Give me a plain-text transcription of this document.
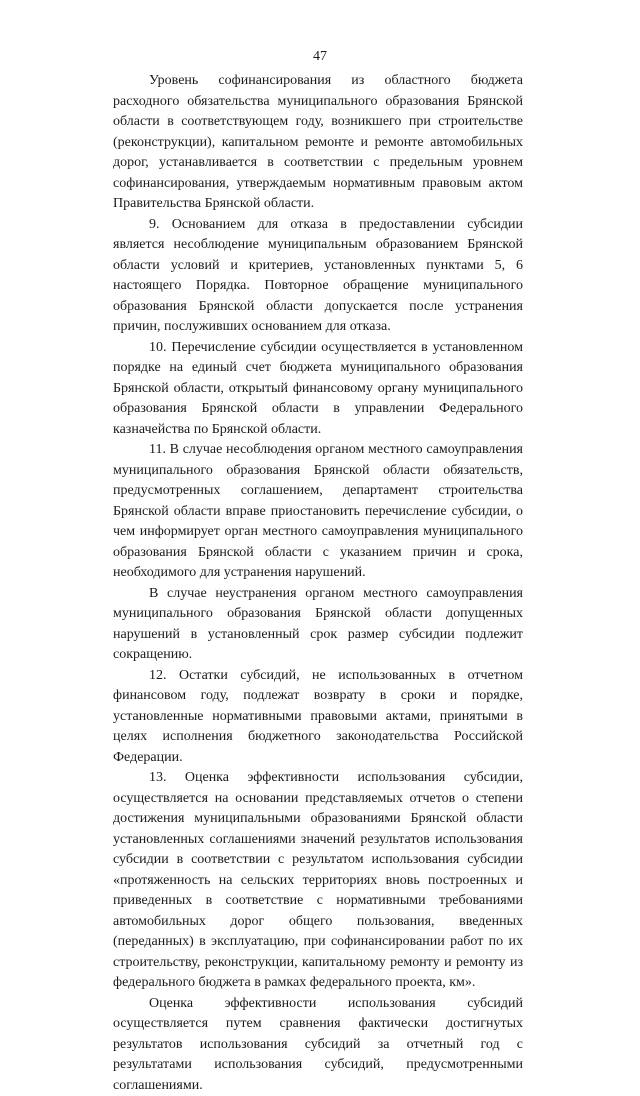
47

Уровень софинансирования из областного бюджета расходного обязательства муниципального образования Брянской области в соответствующем году, возникшего при строительстве (реконструкции), капитальном ремонте и ремонте автомобильных дорог, устанавливается в соответствии с предельным уровнем софинансирования, утверждаемым нормативным правовым актом Правительства Брянской области.

9. Основанием для отказа в предоставлении субсидии является несоблюдение муниципальным образованием Брянской области условий и критериев, установленных пунктами 5, 6 настоящего Порядка. Повторное обращение муниципального образования Брянской области допускается после устранения причин, послуживших основанием для отказа.

10. Перечисление субсидии осуществляется в установленном порядке на единый счет бюджета муниципального образования Брянской области, открытый финансовому органу муниципального образования Брянской области в управлении Федерального казначейства по Брянской области.

11. В случае несоблюдения органом местного самоуправления муниципального образования Брянской области обязательств, предусмотренных соглашением, департамент строительства Брянской области вправе приостановить перечисление субсидии, о чем информирует орган местного самоуправления муниципального образования Брянской области с указанием причин и срока, необходимого для устранения нарушений.

В случае неустранения органом местного самоуправления муниципального образования Брянской области допущенных нарушений в установленный срок размер субсидии подлежит сокращению.

12. Остатки субсидий, не использованных в отчетном финансовом году, подлежат возврату в сроки и порядке, установленные нормативными правовыми актами, принятыми в целях исполнения бюджетного законодательства Российской Федерации.

13. Оценка эффективности использования субсидии, осуществляется на основании представляемых отчетов о степени достижения муниципальными образованиями Брянской области установленных соглашениями значений результатов использования субсидии в соответствии с результатом использования субсидии «протяженность на сельских территориях вновь построенных и приведенных в соответствие с нормативными требованиями автомобильных дорог общего пользования, введенных (переданных) в эксплуатацию, при софинансировании работ по их строительству, реконструкции, капитальному ремонту и ремонту из федерального бюджета в рамках федерального проекта, км».

Оценка эффективности использования субсидий осуществляется путем сравнения фактически достигнутых результатов использования субсидий за отчетный год с результатами использования субсидий, предусмотренными соглашениями.
